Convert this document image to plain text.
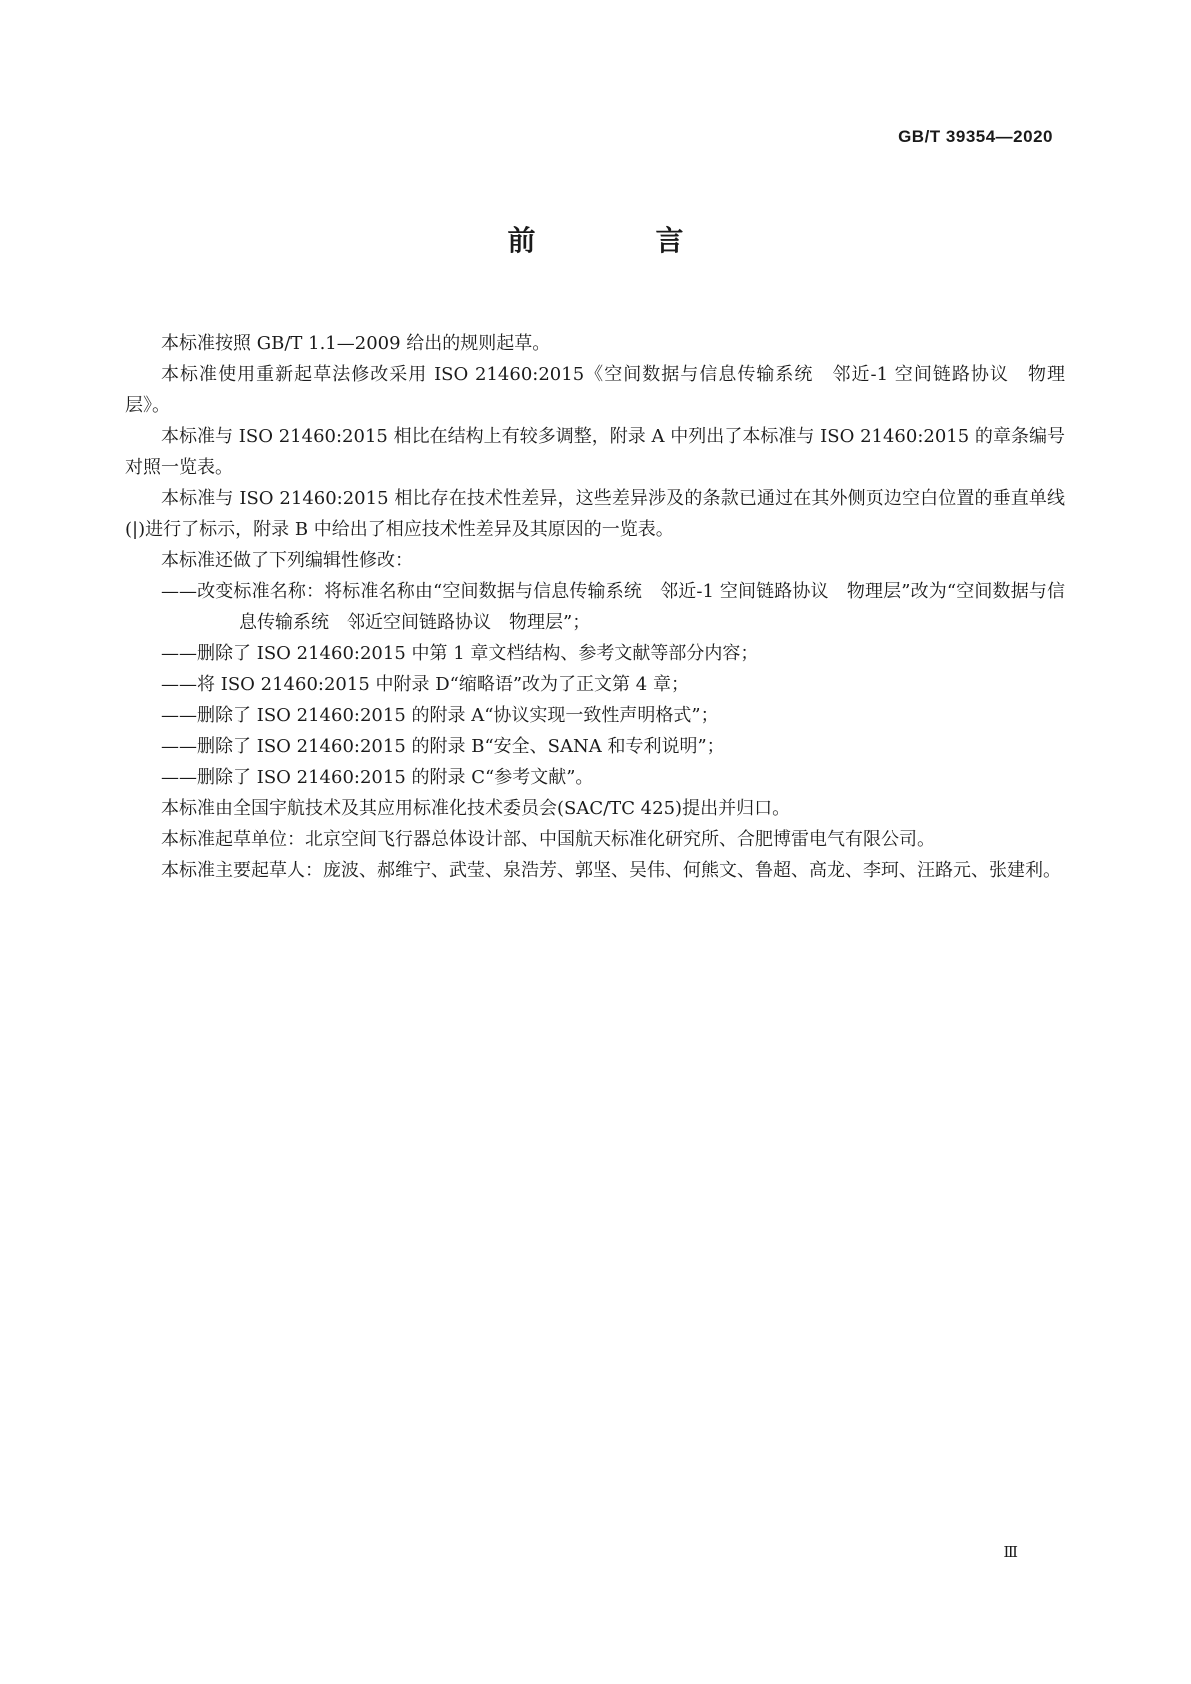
GB/T 39354—2020
前　言

本标准按照 GB/T 1.1—2009 给出的规则起草。

本标准使用重新起草法修改采用 ISO 21460:2015《空间数据与信息传输系统　邻近-1 空间链路协议　物理层》。

本标准与 ISO 21460:2015 相比在结构上有较多调整，附录 A 中列出了本标准与 ISO 21460:2015 的章条编号对照一览表。

本标准与 ISO 21460:2015 相比存在技术性差异，这些差异涉及的条款已通过在其外侧页边空白位置的垂直单线(|)进行了标示，附录 B 中给出了相应技术性差异及其原因的一览表。

本标准还做了下列编辑性修改：

——改变标准名称：将标准名称由“空间数据与信息传输系统　邻近-1 空间链路协议　物理层”改为“空间数据与信息传输系统　邻近空间链路协议　物理层”；

——删除了 ISO 21460:2015 中第 1 章文档结构、参考文献等部分内容；

——将 ISO 21460:2015 中附录 D“缩略语”改为了正文第 4 章；

——删除了 ISO 21460:2015 的附录 A“协议实现一致性声明格式”；

——删除了 ISO 21460:2015 的附录 B“安全、SANA 和专利说明”；

——删除了 ISO 21460:2015 的附录 C“参考文献”。

本标准由全国宇航技术及其应用标准化技术委员会(SAC/TC 425)提出并归口。

本标准起草单位：北京空间飞行器总体设计部、中国航天标准化研究所、合肥博雷电气有限公司。

本标准主要起草人：庞波、郝维宁、武莹、泉浩芳、郭坚、吴伟、何熊文、鲁超、高龙、李珂、汪路元、张建利。

Ⅲ
